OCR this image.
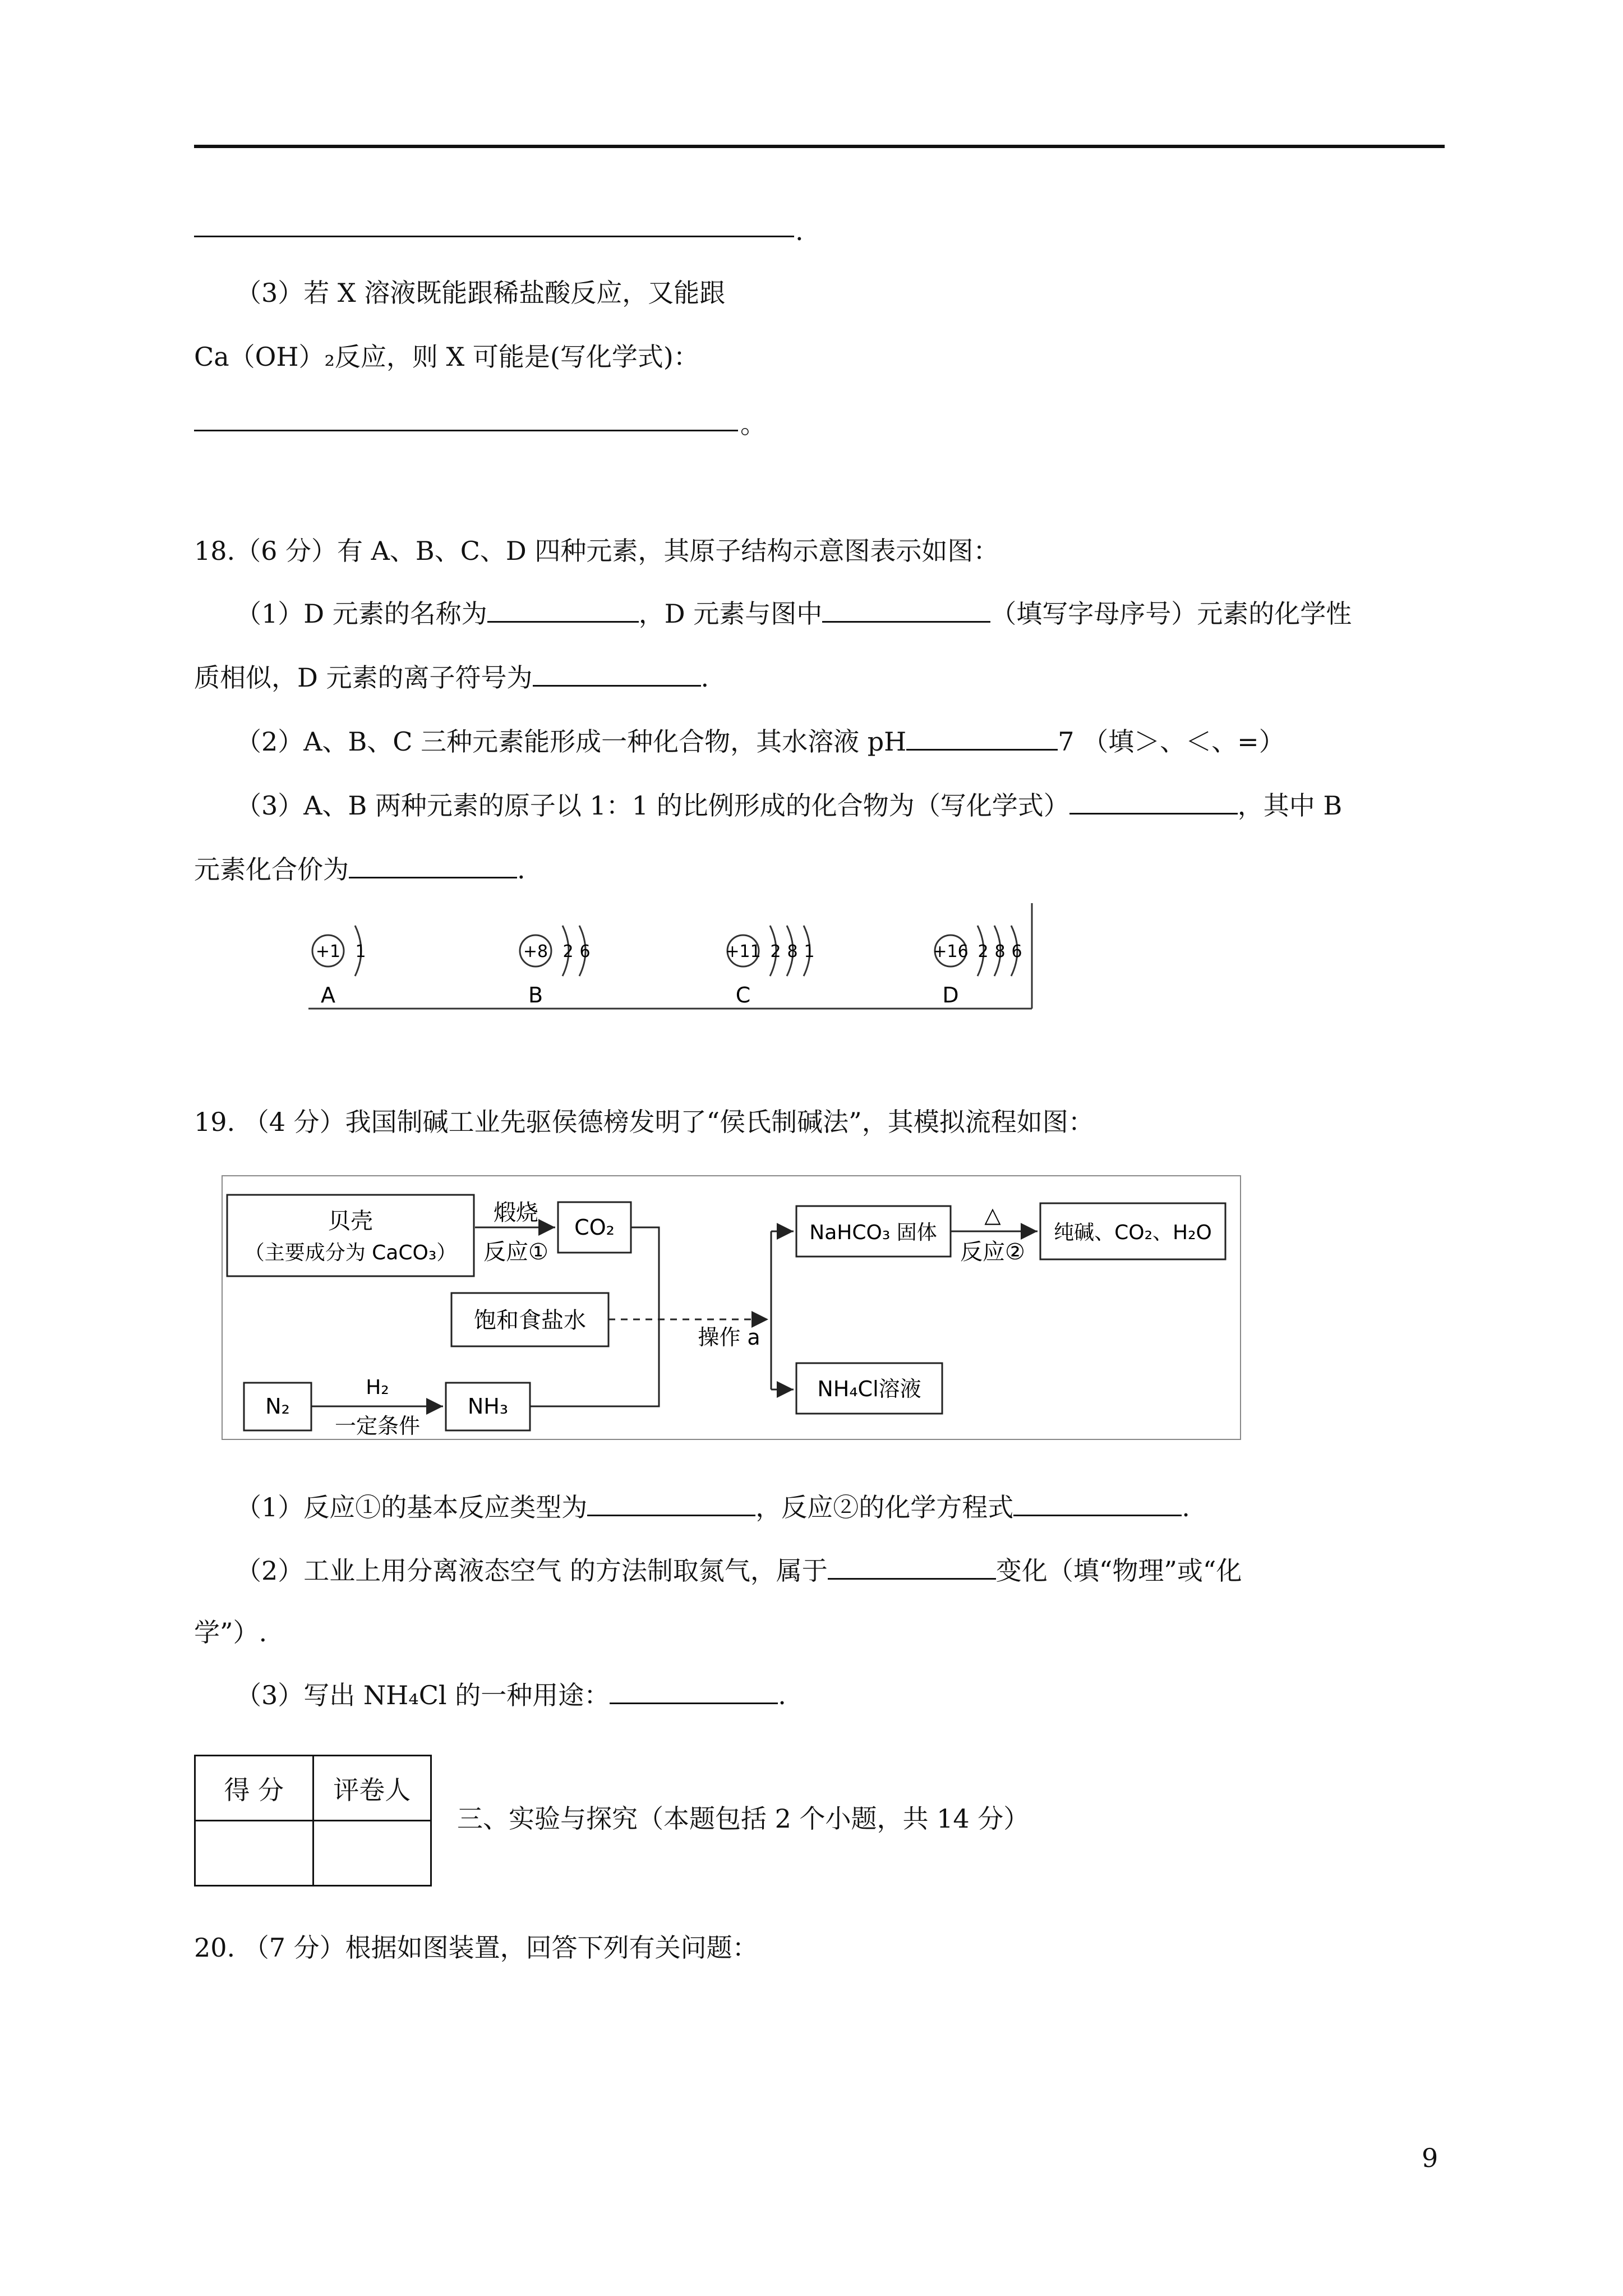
.
（3）若 X 溶液既能跟稀盐酸反应，又能跟
Ca（OH）₂反应，则 X 可能是(写化学式)：
。
18.（6 分）有 A、B、C、D 四种元素，其原子结构示意图表示如图：
（1）D 元素的名称为	，D 元素与图中	（填写字母序号）元素的化学性
质相似，D 元素的离子符号为	.
（2）A、B、C 三种元素能形成一种化合物，其水溶液 pH	7 （填＞、＜、=）
（3）A、B 两种元素的原子以 1：1 的比例形成的化合物为（写化学式）	，其中 B
元素化合价为	.
+1 1
A
+8 2 6
B
+11 2 8 1
C
+16 2 8 6
D
19. （4 分）我国制碱工业先驱侯德榜发明了“侯氏制碱法”，其模拟流程如图：
贝壳
（主要成分为 CaCO₃）
煅烧
反应①
CO₂
饱和食盐水
N₂
H₂
一定条件
NH₃
操作 a
NaHCO₃ 固体
△
反应②
纯碱、CO₂、H₂O
NH₄Cl溶液
（1）反应①的基本反应类型为	，反应②的化学方程式	.
（2）工业上用分离液态空气 的方法制取氮气，属于	变化（填“物理”或“化
学”）.
（3）写出 NH₄Cl 的一种用途：	.
得 分	评卷人

三、实验与探究（本题包括 2 个小题，共 14 分）
20. （7 分）根据如图装置，回答下列有关问题：
9
